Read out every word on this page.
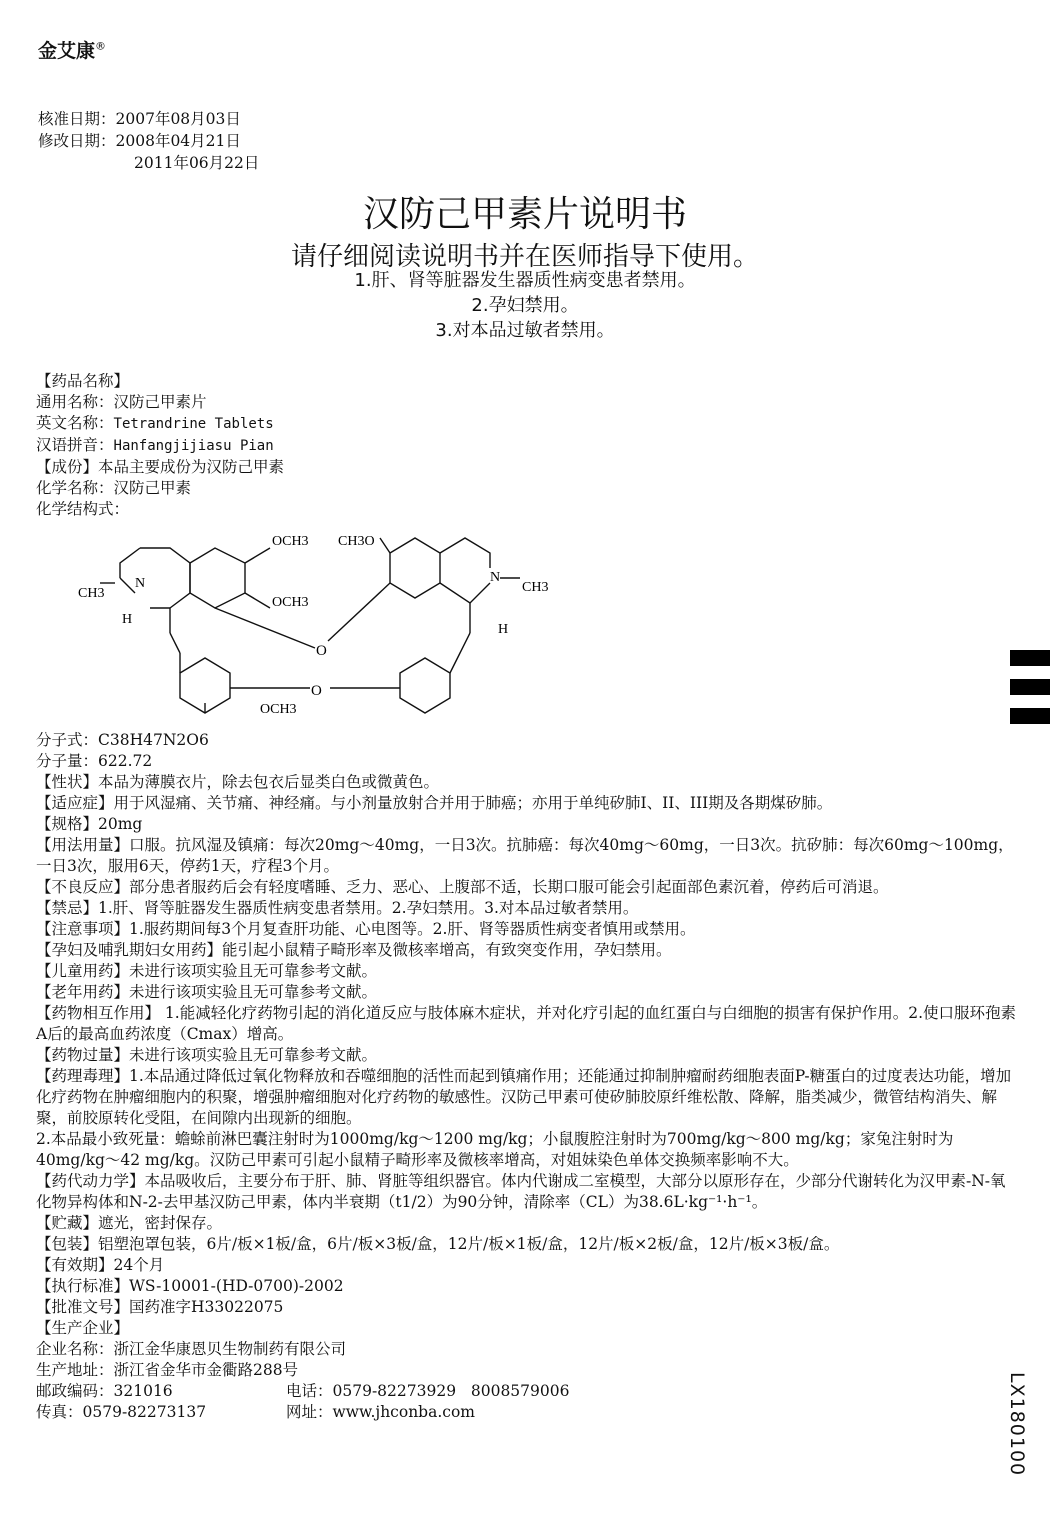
金艾康®
核准日期：2007年08月03日
修改日期：2008年04月21日
2011年06月22日
汉防己甲素片说明书
请仔细阅读说明书并在医师指导下使用。
1.肝、肾等脏器发生器质性病变患者禁用。
2.孕妇禁用。
3.对本品过敏者禁用。
【药品名称】
通用名称：汉防己甲素片
英文名称：Tetrandrine Tablets
汉语拼音：Hanfangjijiasu Pian
【成份】本品主要成份为汉防己甲素
化学名称：汉防己甲素
化学结构式：
OCH3
OCH3
CH3O
N	N
CH3	CH3
H
H
O
O
OCH3

分子式：C38H47N2O6

分子量：622.72

【性状】本品为薄膜衣片，除去包衣后显类白色或微黄色。

【适应症】用于风湿痛、关节痛、神经痛。与小剂量放射合并用于肺癌；亦用于单纯矽肺I、II、III期及各期煤矽肺。

【规格】20mg

【用法用量】口服。抗风湿及镇痛：每次20mg～40mg，一日3次。抗肺癌：每次40mg～60mg，一日3次。抗矽肺：每次60mg～100mg，一日3次，服用6天，停药1天，疗程3个月。

【不良反应】部分患者服药后会有轻度嗜睡、乏力、恶心、上腹部不适，长期口服可能会引起面部色素沉着，停药后可消退。

【禁忌】1.肝、肾等脏器发生器质性病变患者禁用。2.孕妇禁用。3.对本品过敏者禁用。

【注意事项】1.服药期间每3个月复查肝功能、心电图等。2.肝、肾等器质性病变者慎用或禁用。

【孕妇及哺乳期妇女用药】能引起小鼠精子畸形率及微核率增高，有致突变作用，孕妇禁用。

【儿童用药】未进行该项实验且无可靠参考文献。

【老年用药】未进行该项实验且无可靠参考文献。

【药物相互作用】 1.能减轻化疗药物引起的消化道反应与肢体麻木症状，并对化疗引起的血红蛋白与白细胞的损害有保护作用。2.使口服环孢素A后的最高血药浓度（Cmax）增高。

【药物过量】未进行该项实验且无可靠参考文献。

【药理毒理】1.本品通过降低过氧化物释放和吞噬细胞的活性而起到镇痛作用；还能通过抑制肿瘤耐药细胞表面P-糖蛋白的过度表达功能，增加化疗药物在肿瘤细胞内的积聚，增强肿瘤细胞对化疗药物的敏感性。汉防己甲素可使矽肺胶原纤维松散、降解，脂类减少，微管结构消失、解聚，前胶原转化受阻，在间隙内出现新的细胞。

2.本品最小致死量：蟾蜍前淋巴囊注射时为1000mg/kg～1200 mg/kg；小鼠腹腔注射时为700mg/kg～800 mg/kg；家兔注射时为40mg/kg～42 mg/kg。汉防己甲素可引起小鼠精子畸形率及微核率增高，对姐妹染色单体交换频率影响不大。

【药代动力学】本品吸收后，主要分布于肝、肺、肾脏等组织器官。体内代谢成二室模型，大部分以原形存在，少部分代谢转化为汉甲素-N-氧化物异构体和N-2-去甲基汉防己甲素，体内半衰期（t1/2）为90分钟，清除率（CL）为38.6L·kg⁻¹·h⁻¹。

【贮藏】遮光，密封保存。

【包装】铝塑泡罩包装，6片/板×1板/盒，6片/板×3板/盒，12片/板×1板/盒，12片/板×2板/盒，12片/板×3板/盒。

【有效期】24个月

【执行标准】WS-10001-(HD-0700)-2002

【批准文号】国药准字H33022075

【生产企业】

企业名称：浙江金华康恩贝生物制药有限公司
生产地址：浙江省金华市金衢路288号
邮政编码：321016	电话：0579-82273929   8008579006
传真：0579-82273137	网址：www.jhconba.com	LX180100
